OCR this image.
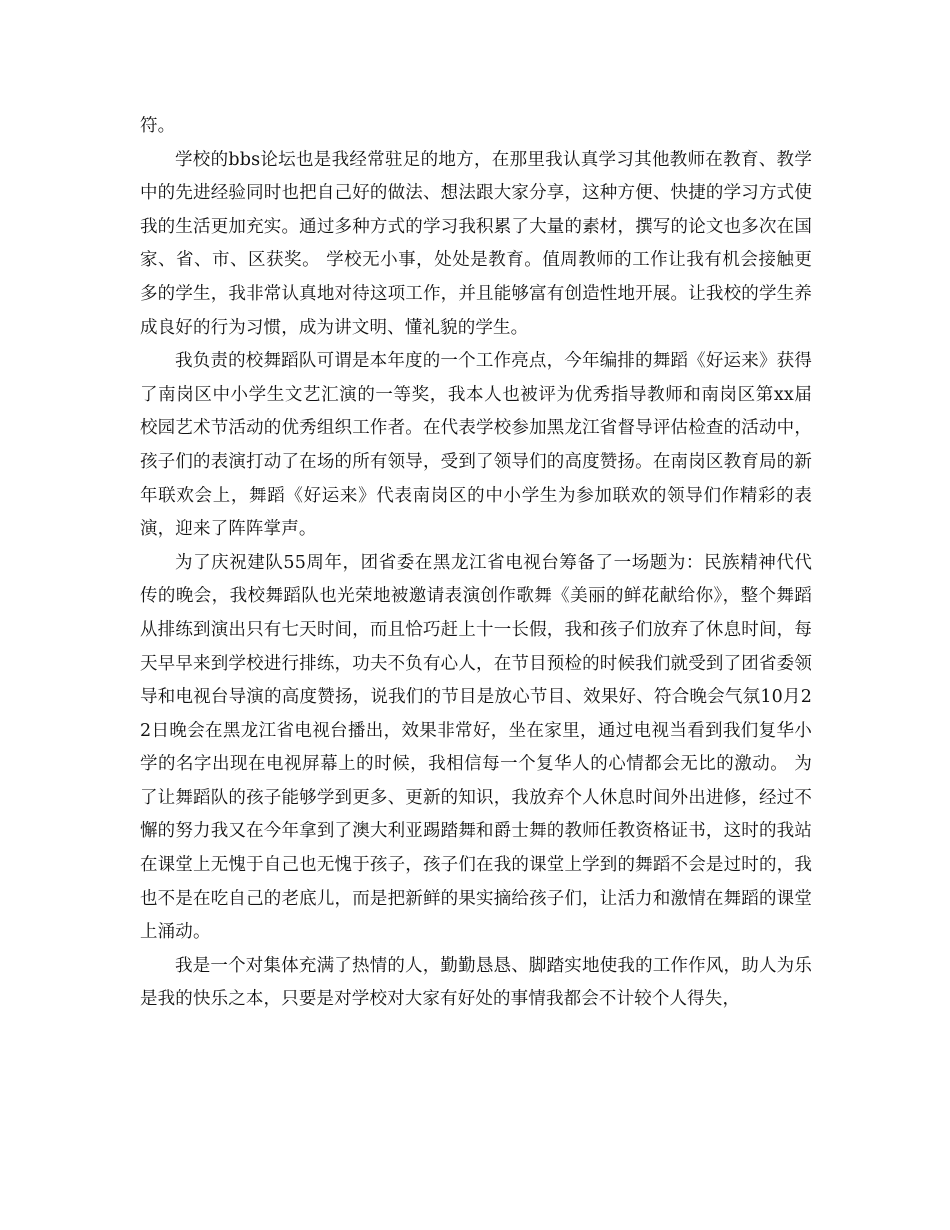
符。

学校的bbs论坛也是我经常驻足的地方，在那里我认真学习其他教师在教育、教学中的先进经验同时也把自己好的做法、想法跟大家分享，这种方便、快捷的学习方式使我的生活更加充实。通过多种方式的学习我积累了大量的素材，撰写的论文也多次在国家、省、市、区获奖。 学校无小事，处处是教育。值周教师的工作让我有机会接触更多的学生，我非常认真地对待这项工作，并且能够富有创造性地开展。让我校的学生养成良好的行为习惯，成为讲文明、懂礼貌的学生。

我负责的校舞蹈队可谓是本年度的一个工作亮点，今年编排的舞蹈《好运来》获得了南岗区中小学生文艺汇演的一等奖，我本人也被评为优秀指导教师和南岗区第xx届校园艺术节活动的优秀组织工作者。在代表学校参加黑龙江省督导评估检查的活动中，孩子们的表演打动了在场的所有领导，受到了领导们的高度赞扬。在南岗区教育局的新年联欢会上，舞蹈《好运来》代表南岗区的中小学生为参加联欢的领导们作精彩的表演，迎来了阵阵掌声。

为了庆祝建队55周年，团省委在黑龙江省电视台筹备了一场题为：民族精神代代传的晚会，我校舞蹈队也光荣地被邀请表演创作歌舞《美丽的鲜花献给你》，整个舞蹈从排练到演出只有七天时间，而且恰巧赶上十一长假，我和孩子们放弃了休息时间，每天早早来到学校进行排练，功夫不负有心人，在节目预检的时候我们就受到了团省委领导和电视台导演的高度赞扬，说我们的节目是放心节目、效果好、符合晚会气氛10月22日晚会在黑龙江省电视台播出，效果非常好，坐在家里，通过电视当看到我们复华小学的名字出现在电视屏幕上的时候，我相信每一个复华人的心情都会无比的激动。 为了让舞蹈队的孩子能够学到更多、更新的知识，我放弃个人休息时间外出进修，经过不懈的努力我又在今年拿到了澳大利亚踢踏舞和爵士舞的教师任教资格证书，这时的我站在课堂上无愧于自己也无愧于孩子，孩子们在我的课堂上学到的舞蹈不会是过时的，我也不是在吃自己的老底儿，而是把新鲜的果实摘给孩子们，让活力和激情在舞蹈的课堂上涌动。

我是一个对集体充满了热情的人，勤勤恳恳、脚踏实地使我的工作作风，助人为乐是我的快乐之本，只要是对学校对大家有好处的事情我都会不计较个人得失，
